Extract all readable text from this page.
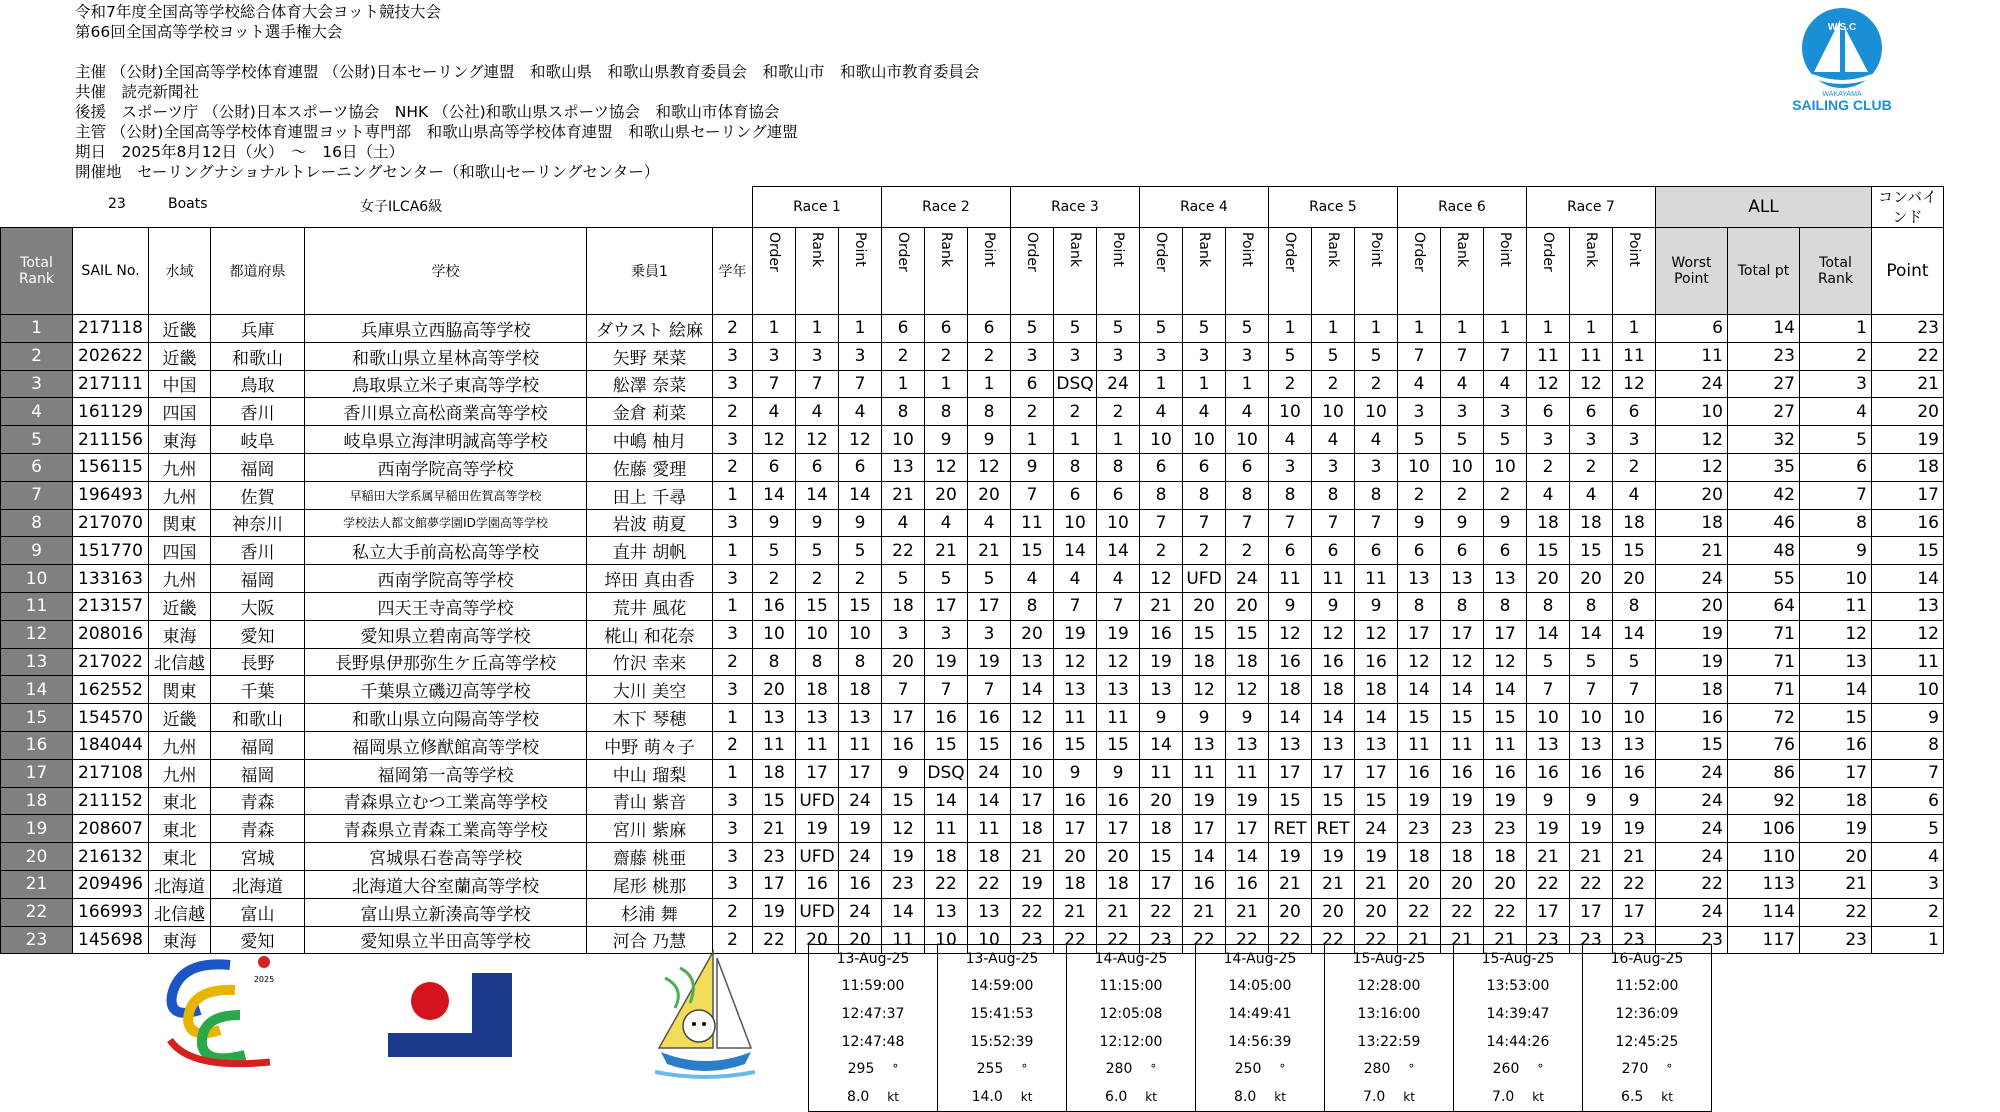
令和7年度全国高等学校総合体育大会ヨット競技大会
第66回全国高等学校ヨット選手権大会
主催 （公財)全国高等学校体育連盟 （公財)日本セーリング連盟　和歌山県　和歌山県教育委員会　和歌山市　和歌山市教育委員会
共催　読売新聞社
後援　スポーツ庁 （公財)日本スポーツ協会　NHK （公社)和歌山県スポーツ協会　和歌山市体育協会
主管 （公財)全国高等学校体育連盟ヨット専門部　和歌山県高等学校体育連盟　和歌山県セーリング連盟
期日　2025年8月12日（火）　～　16日（土）
開催地　セーリングナショナルトレーニングセンター（和歌山セーリングセンター）
23	Boats	女子ILCA6級
W.S.C
WAKAYAMA
SAILING CLUB
							Race 1			Race 2			Race 3			Race 4			Race 5			Race 6			Race 7			ALL			コンバインド
Total Rank	SAIL No.	水域	都道府県	学校	乗員1	学年	Order	Rank	Point	Order	Rank	Point	Order	Rank	Point	Order	Rank	Point	Order	Rank	Point	Order	Rank	Point	Order	Rank	Point	Worst Point	Total pt	Total Rank	Point
1	217118	近畿	兵庫	兵庫県立西脇高等学校	ダウスト 絵麻	2	1	1	1	6	6	6	5	5	5	5	5	5	1	1	1	1	1	1	1	1	1	6	14	1	23
2	202622	近畿	和歌山	和歌山県立星林高等学校	矢野 栞菜	3	3	3	3	2	2	2	3	3	3	3	3	3	5	5	5	7	7	7	11	11	11	11	23	2	22
3	217111	中国	鳥取	鳥取県立米子東高等学校	舩澤 奈菜	3	7	7	7	1	1	1	6	DSQ	24	1	1	1	2	2	2	4	4	4	12	12	12	24	27	3	21
4	161129	四国	香川	香川県立高松商業高等学校	金倉 莉菜	2	4	4	4	8	8	8	2	2	2	4	4	4	10	10	10	3	3	3	6	6	6	10	27	4	20
5	211156	東海	岐阜	岐阜県立海津明誠高等学校	中嶋 柚月	3	12	12	12	10	9	9	1	1	1	10	10	10	4	4	4	5	5	5	3	3	3	12	32	5	19
6	156115	九州	福岡	西南学院高等学校	佐藤 愛理	2	6	6	6	13	12	12	9	8	8	6	6	6	3	3	3	10	10	10	2	2	2	12	35	6	18
7	196493	九州	佐賀	早稲田大学系属早稲田佐賀高等学校	田上 千尋	1	14	14	14	21	20	20	7	6	6	8	8	8	8	8	8	2	2	2	4	4	4	20	42	7	17
8	217070	関東	神奈川	学校法人都文館夢学園ID学園高等学校	岩波 萌夏	3	9	9	9	4	4	4	11	10	10	7	7	7	7	7	7	9	9	9	18	18	18	18	46	8	16
9	151770	四国	香川	私立大手前高松高等学校	直井 胡帆	1	5	5	5	22	21	21	15	14	14	2	2	2	6	6	6	6	6	6	15	15	15	21	48	9	15
10	133163	九州	福岡	西南学院高等学校	埣田 真由香	3	2	2	2	5	5	5	4	4	4	12	UFD	24	11	11	11	13	13	13	20	20	20	24	55	10	14
11	213157	近畿	大阪	四天王寺高等学校	荒井 風花	1	16	15	15	18	17	17	8	7	7	21	20	20	9	9	9	8	8	8	8	8	8	20	64	11	13
12	208016	東海	愛知	愛知県立碧南高等学校	椛山 和花奈	3	10	10	10	3	3	3	20	19	19	16	15	15	12	12	12	17	17	17	14	14	14	19	71	12	12
13	217022	北信越	長野	長野県伊那弥生ケ丘高等学校	竹沢 幸来	2	8	8	8	20	19	19	13	12	12	19	18	18	16	16	16	12	12	12	5	5	5	19	71	13	11
14	162552	関東	千葉	千葉県立磯辺高等学校	大川 美空	3	20	18	18	7	7	7	14	13	13	13	12	12	18	18	18	14	14	14	7	7	7	18	71	14	10
15	154570	近畿	和歌山	和歌山県立向陽高等学校	木下 琴穂	1	13	13	13	17	16	16	12	11	11	9	9	9	14	14	14	15	15	15	10	10	10	16	72	15	9
16	184044	九州	福岡	福岡県立修猷館高等学校	中野 萌々子	2	11	11	11	16	15	15	16	15	15	14	13	13	13	13	13	11	11	11	13	13	13	15	76	16	8
17	217108	九州	福岡	福岡第一高等学校	中山 瑠梨	1	18	17	17	9	DSQ	24	10	9	9	11	11	11	17	17	17	16	16	16	16	16	16	24	86	17	7
18	211152	東北	青森	青森県立むつ工業高等学校	青山 紫音	3	15	UFD	24	15	14	14	17	16	16	20	19	19	15	15	15	19	19	19	9	9	9	24	92	18	6
19	208607	東北	青森	青森県立青森工業高等学校	宮川 紫麻	3	21	19	19	12	11	11	18	17	17	18	17	17	RET	RET	24	23	23	23	19	19	19	24	106	19	5
20	216132	東北	宮城	宮城県石巻高等学校	齋藤 桃亜	3	23	UFD	24	19	18	18	21	20	20	15	14	14	19	19	19	18	18	18	21	21	21	24	110	20	4
21	209496	北海道	北海道	北海道大谷室蘭高等学校	尾形 桃那	3	17	16	16	23	22	22	19	18	18	17	16	16	21	21	21	20	20	20	22	22	22	22	113	21	3
22	166993	北信越	富山	富山県立新湊高等学校	杉浦 舞	2	19	UFD	24	14	13	13	22	21	21	22	21	21	20	20	20	22	22	22	17	17	17	24	114	22	2
23	145698	東海	愛知	愛知県立半田高等学校	河合 乃慧	2	22	20	20	11	10	10	23	22	22	23	22	22	22	22	22	21	21	21	23	23	23	23	117	23	1
13-Aug-25	13-Aug-25	14-Aug-25	14-Aug-25	15-Aug-25	15-Aug-25	16-Aug-25
11:59:00	14:59:00	11:15:00	14:05:00	12:28:00	13:53:00	11:52:00
12:47:37	15:41:53	12:05:08	14:49:41	13:16:00	14:39:47	12:36:09
12:47:48	15:52:39	12:12:00	14:56:39	13:22:59	14:44:26	12:45:25
295 °	255 °	280 °	250 °	280 °	260 °	270 °
8.0 kt	14.0 kt	6.0 kt	8.0 kt	7.0 kt	7.0 kt	6.5 kt
2025
